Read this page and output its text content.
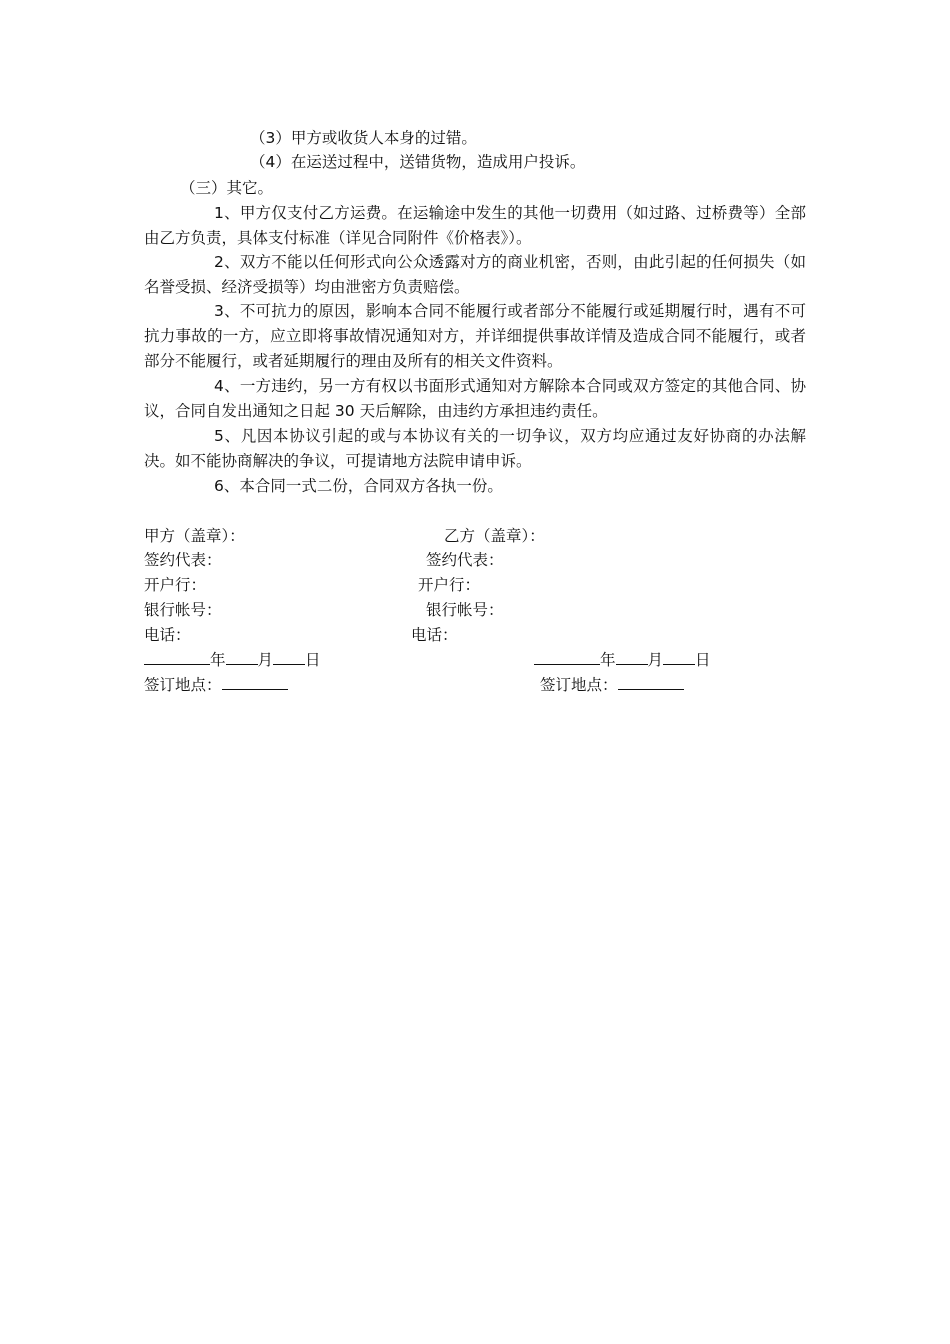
（3）甲方或收货人本身的过错。
（4）在运送过程中，送错货物，造成用户投诉。
（三）其它。
1、甲方仅支付乙方运费。在运输途中发生的其他一切费用（如过路、过桥费等）全部由乙方负责，具体支付标准（详见合同附件《价格表》）。
2、双方不能以任何形式向公众透露对方的商业机密，否则，由此引起的任何损失（如名誉受损、经济受损等）均由泄密方负责赔偿。
3、不可抗力的原因，影响本合同不能履行或者部分不能履行或延期履行时，遇有不可抗力事故的一方，应立即将事故情况通知对方，并详细提供事故详情及造成合同不能履行，或者部分不能履行，或者延期履行的理由及所有的相关文件资料。
4、一方违约，另一方有权以书面形式通知对方解除本合同或双方签定的其他合同、协议，合同自发出通知之日起 30 天后解除，由违约方承担违约责任。
5、凡因本协议引起的或与本协议有关的一切争议，双方均应通过友好协商的办法解决。如不能协商解决的争议，可提请地方法院申请申诉。
6、本合同一式二份，合同双方各执一份。
甲方（盖章）：
签约代表：
开户行：
银行帐号：
电话：
年 月 日
签订地点：
乙方（盖章）：
签约代表：
开户行：
银行帐号：
电话：
年 月 日
签订地点：
